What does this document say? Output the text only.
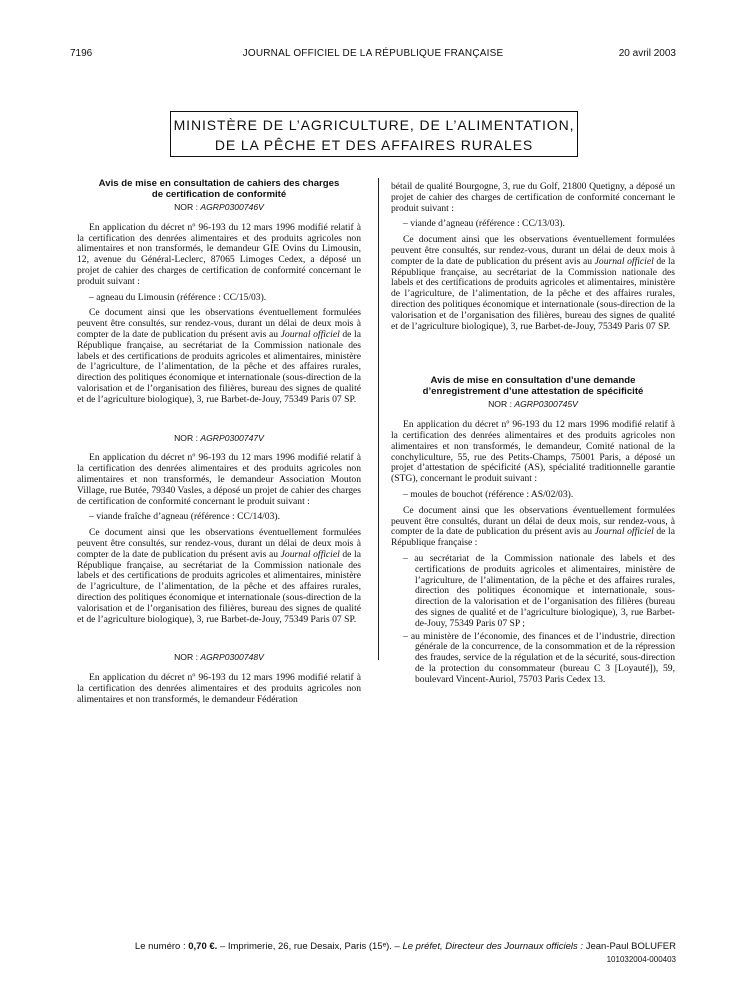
7196	JOURNAL OFFICIEL DE LA RÉPUBLIQUE FRANÇAISE	20 avril 2003
MINISTÈRE DE L’AGRICULTURE, DE L’ALIMENTATION,
DE LA PÊCHE ET DES AFFAIRES RURALES

Avis de mise en consultation de cahiers des charges

de certification de conformité

NOR : AGRP0300746V

En application du décret nº 96-193 du 12 mars 1996 modifié relatif à la certification des denrées alimentaires et des produits agricoles non alimentaires et non transformés, le demandeur GIE Ovins du Limousin, 12, avenue du Général-Leclerc, 87065 Limoges Cedex, a déposé un projet de cahier des charges de certification de conformité concernant le produit suivant :

– agneau du Limousin (référence : CC/15/03).

Ce document ainsi que les observations éventuellement formulées peuvent être consultés, sur rendez-vous, durant un délai de deux mois à compter de la date de publication du présent avis au Journal officiel de la République française, au secrétariat de la Commission nationale des labels et des certifications de produits agricoles et alimentaires, ministère de l’agriculture, de l’alimentation, de la pêche et des affaires rurales, direction des politiques économique et internationale (sous-direction de la valorisation et de l’organisation des filières, bureau des signes de qualité et de l’agriculture biologique), 3, rue Barbet-de-Jouy, 75349 Paris 07 SP.

NOR : AGRP0300747V

En application du décret nº 96-193 du 12 mars 1996 modifié relatif à la certification des denrées alimentaires et des produits agricoles non alimentaires et non transformés, le demandeur Association Mouton Village, rue Butée, 79340 Vasles, a déposé un projet de cahier des charges de certification de conformité concernant le produit suivant :

– viande fraîche d’agneau (référence : CC/14/03).

Ce document ainsi que les observations éventuellement formulées peuvent être consultés, sur rendez-vous, durant un délai de deux mois à compter de la date de publication du présent avis au Journal officiel de la République française, au secrétariat de la Commission nationale des labels et des certifications de produits agricoles et alimentaires, ministère de l’agriculture, de l’alimentation, de la pêche et des affaires rurales, direction des politiques économique et internationale (sous-direction de la valorisation et de l’organisation des filières, bureau des signes de qualité et de l’agriculture biologique), 3, rue Barbet-de-Jouy, 75349 Paris 07 SP.

NOR : AGRP0300748V

En application du décret nº 96-193 du 12 mars 1996 modifié relatif à la certification des denrées alimentaires et des produits agricoles non alimentaires et non transformés, le demandeur Fédération

bétail de qualité Bourgogne, 3, rue du Golf, 21800 Quetigny, a déposé un projet de cahier des charges de certification de conformité concernant le produit suivant :

– viande d’agneau (référence : CC/13/03).

Ce document ainsi que les observations éventuellement formulées peuvent être consultés, sur rendez-vous, durant un délai de deux mois à compter de la date de publication du présent avis au Journal officiel de la République française, au secrétariat de la Commission nationale des labels et des certifications de produits agricoles et alimentaires, ministère de l’agriculture, de l’alimentation, de la pêche et des affaires rurales, direction des politiques économique et internationale (sous-direction de la valorisation et de l’organisation des filières, bureau des signes de qualité et de l’agriculture biologique), 3, rue Barbet-de-Jouy, 75349 Paris 07 SP.

Avis de mise en consultation d’une demande

d’enregistrement d’une attestation de spécificité

NOR : AGRP0300745V

En application du décret nº 96-193 du 12 mars 1996 modifié relatif à la certification des denrées alimentaires et des produits agricoles non alimentaires et non transformés, le demandeur, Comité national de la conchyliculture, 55, rue des Petits-Champs, 75001 Paris, a déposé un projet d’attestation de spécificité (AS), spécialité traditionnelle garantie (STG), concernant le produit suivant :

– moules de bouchot (référence : AS/02/03).

Ce document ainsi que les observations éventuellement formulées peuvent être consultés, durant un délai de deux mois, sur rendez-vous, à compter de la date de publication du présent avis au Journal officiel de la République française :

– au secrétariat de la Commission nationale des labels et des certifications de produits agricoles et alimentaires, ministère de l’agriculture, de l’alimentation, de la pêche et des affaires rurales, direction des politiques économique et internationale, sous-direction de la valorisation et de l’organisation des filières (bureau des signes de qualité et de l’agriculture biologique), 3, rue Barbet-de-Jouy, 75349 Paris 07 SP ;
– au ministère de l’économie, des finances et de l’industrie, direction générale de la concurrence, de la consommation et de la répression des fraudes, service de la régulation et de la sécurité, sous-direction de la protection du consommateur (bureau C 3 [Loyauté]), 59, boulevard Vincent-Auriol, 75703 Paris Cedex 13.
Le numéro : 0,70 €. – Imprimerie, 26, rue Desaix, Paris (15ᵉ). – Le préfet, Directeur des Journaux officiels : Jean-Paul BOLUFER
101032004-000403
